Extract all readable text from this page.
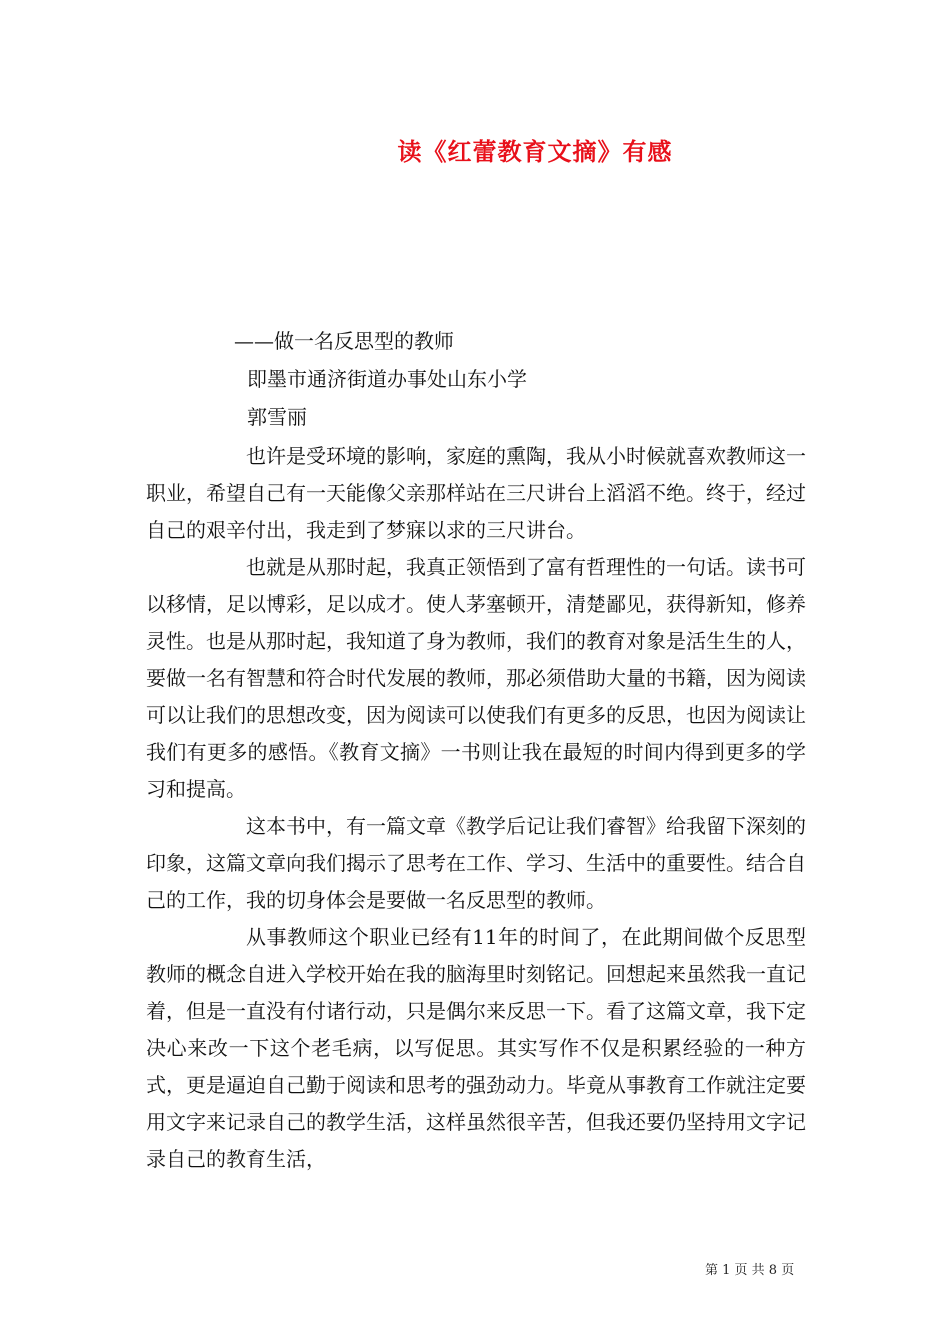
读《红蕾教育文摘》有感
——做一名反思型的教师
即墨市通济街道办事处山东小学
郭雪丽

也许是受环境的影响，家庭的熏陶，我从小时候就喜欢教师这一职业，希望自己有一天能像父亲那样站在三尺讲台上滔滔不绝。终于，经过自己的艰辛付出，我走到了梦寐以求的三尺讲台。

也就是从那时起，我真正领悟到了富有哲理性的一句话。读书可以移情，足以博彩，足以成才。使人茅塞顿开，清楚鄙见，获得新知，修养灵性。也是从那时起，我知道了身为教师，我们的教育对象是活生生的人，要做一名有智慧和符合时代发展的教师，那必须借助大量的书籍，因为阅读可以让我们的思想改变，因为阅读可以使我们有更多的反思，也因为阅读让我们有更多的感悟。《教育文摘》一书则让我在最短的时间内得到更多的学习和提高。

这本书中，有一篇文章《教学后记让我们睿智》给我留下深刻的印象，这篇文章向我们揭示了思考在工作、学习、生活中的重要性。结合自己的工作，我的切身体会是要做一名反思型的教师。

从事教师这个职业已经有11年的时间了，在此期间做个反思型教师的概念自进入学校开始在我的脑海里时刻铭记。回想起来虽然我一直记着，但是一直没有付诸行动，只是偶尔来反思一下。看了这篇文章，我下定决心来改一下这个老毛病，以写促思。其实写作不仅是积累经验的一种方式，更是逼迫自己勤于阅读和思考的强劲动力。毕竟从事教育工作就注定要用文字来记录自己的教学生活，这样虽然很辛苦，但我还要仍坚持用文字记录自己的教育生活，

第 1 页 共 8 页
